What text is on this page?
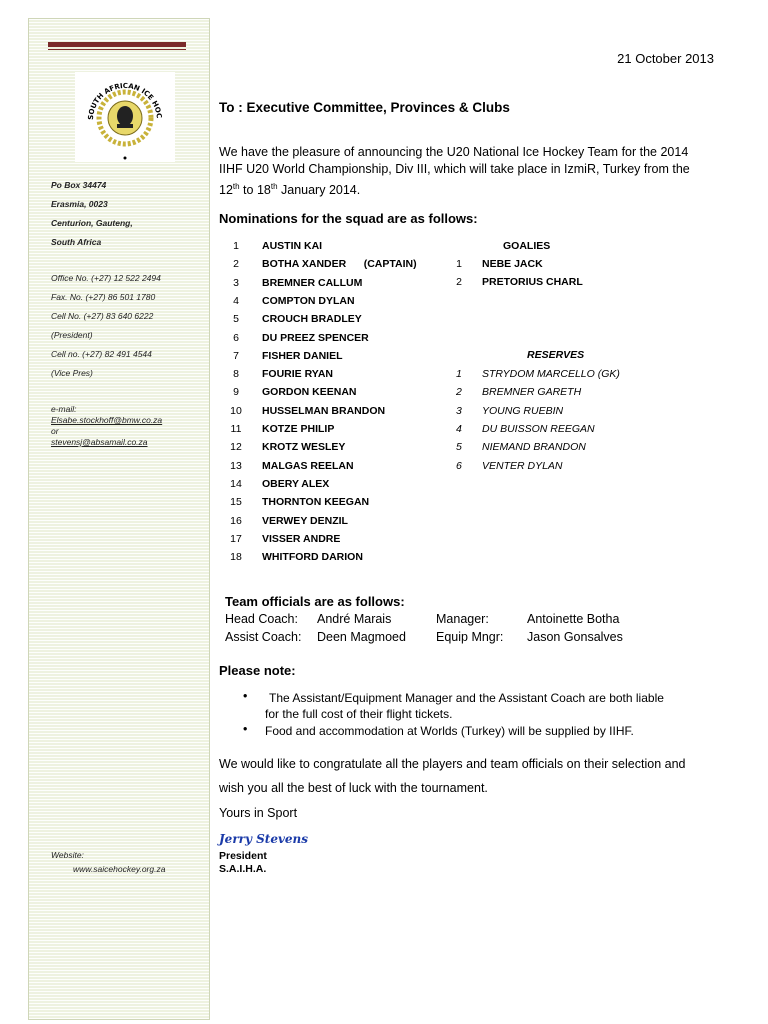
SOUTH AFRICAN ICE HOC
Po Box 34474
Erasmia, 0023
Centurion, Gauteng,
South Africa
Office No. (+27) 12 522 2494
Fax. No. (+27) 86 501 1780
Cell No. (+27) 83 640 6222
(President)
Cell no. (+27) 82 491 4544
(Vice Pres)
e-mail:
Elsabe.stockhoff@bmw.co.za
or
stevensj@absamail.co.za
Website:
www.saicehockey.org.za
21 October 2013
To : Executive Committee, Provinces & Clubs
We have the pleasure of announcing the U20 National Ice Hockey Team for the 2014
IIHF U20 World Championship, Div III, which will take place in IzmiR, Turkey from the
12th to 18th January 2014.
Nominations for the squad are as follows:
1	AUSTIN KAI
2	BOTHA XANDER      (CAPTAIN)
3	BREMNER CALLUM
4	COMPTON DYLAN
5	CROUCH BRADLEY
6	DU PREEZ SPENCER
7	FISHER DANIEL
8	FOURIE RYAN
9	GORDON KEENAN
10	HUSSELMAN BRANDON
11	KOTZE PHILIP
12	KROTZ WESLEY
13	MALGAS REELAN
14	OBERY ALEX
15	THORNTON KEEGAN
16	VERWEY DENZIL
17	VISSER ANDRE
18	WHITFORD DARION
GOALIES
1	NEBE JACK
2	PRETORIUS CHARL
RESERVES
1	STRYDOM MARCELLO (GK)
2	BREMNER GARETH
3	YOUNG RUEBIN
4	DU BUISSON REEGAN
5	NIEMAND BRANDON
6	VENTER DYLAN
Team officials are as follows:
Head Coach: André Marais	Manager:	Antoinette Botha
Assist Coach: Deen Magmoed Equip Mngr: Jason Gonsalves
Please note:
• The Assistant/Equipment Manager and the Assistant Coach are both liable
for the full cost of their flight tickets.
• Food and accommodation at Worlds (Turkey) will be supplied by IIHF.
We would like to congratulate all the players and team officials on their selection and
wish you all the best of luck with the tournament.
Yours in Sport
Jerry Stevens
President
S.A.I.H.A.
